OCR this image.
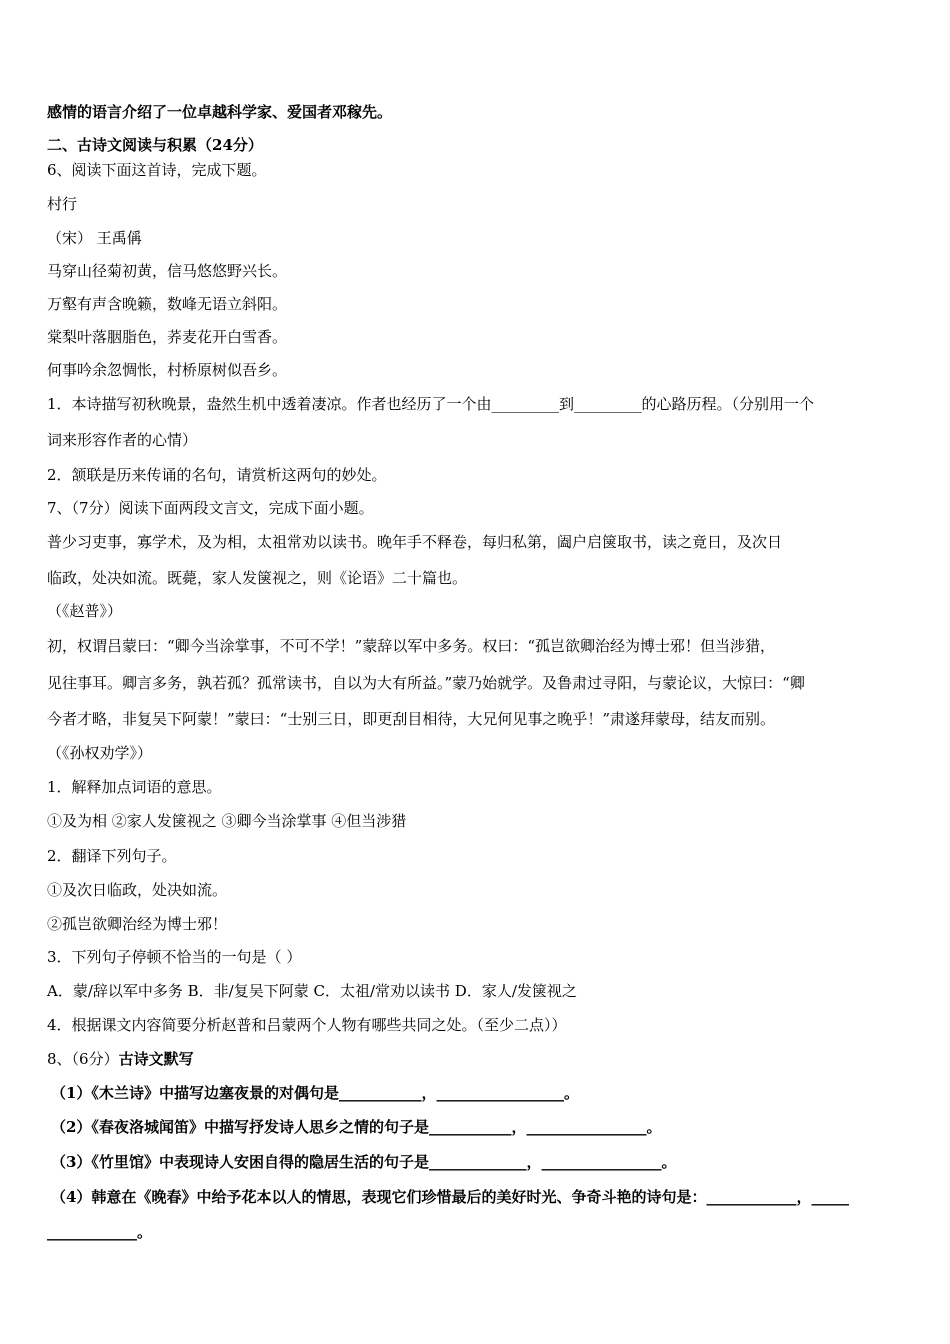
感情的语言介绍了一位卓越科学家、爱国者邓稼先。
二、古诗文阅读与积累（24分）
6、阅读下面这首诗，完成下题。
村行
（宋） 王禹偁
马穿山径菊初黄，信马悠悠野兴长。
万壑有声含晚籁，数峰无语立斜阳。
棠梨叶落胭脂色，荞麦花开白雪香。
何事吟余忽惆怅，村桥原树似吾乡。
1．本诗描写初秋晚景，盎然生机中透着凄凉。作者也经历了一个由_________到_________的心路历程。（分别用一个
词来形容作者的心情）
2．颔联是历来传诵的名句，请赏析这两句的妙处。
7、（7分）阅读下面两段文言文，完成下面小题。
普少习吏事，寡学术，及为相，太祖常劝以读书。晚年手不释卷，每归私第，阖户启箧取书，读之竟日，及次日
临政，处决如流。既薨，家人发箧视之，则《论语》二十篇也。
（《赵普》）
初，权谓吕蒙曰：“卿今当涂掌事，不可不学！”蒙辞以军中多务。权曰：“孤岂欲卿治经为博士邪！但当涉猎，
见往事耳。卿言多务，孰若孤？孤常读书，自以为大有所益。”蒙乃始就学。及鲁肃过寻阳，与蒙论议，大惊曰：“卿
今者才略，非复吴下阿蒙！”蒙曰：“士别三日，即更刮目相待，大兄何见事之晚乎！”肃遂拜蒙母，结友而别。
（《孙权劝学》）
1．解释加点词语的意思。
①及为相 ②家人发箧视之 ③卿今当涂掌事 ④但当涉猎
2．翻译下列句子。
①及次日临政，处决如流。
②孤岂欲卿治经为博士邪！
3．下列句子停顿不恰当的一句是（ ）
A．蒙/辞以军中多务 B．非/复吴下阿蒙 C．太祖/常劝以读书 D．家人/发箧视之
4．根据课文内容简要分析赵普和吕蒙两个人物有哪些共同之处。（至少二点））
8、（6分）古诗文默写
（1）《木兰诗》中描写边塞夜景的对偶句是___________，_________________。
（2）《春夜洛城闻笛》中描写抒发诗人思乡之情的句子是___________，________________。
（3）《竹里馆》中表现诗人安困自得的隐居生活的句子是_____________，________________。
（4）韩意在《晚春》中给予花本以人的情思，表现它们珍惜最后的美好时光、争奇斗艳的诗句是：____________，_____
____________。
